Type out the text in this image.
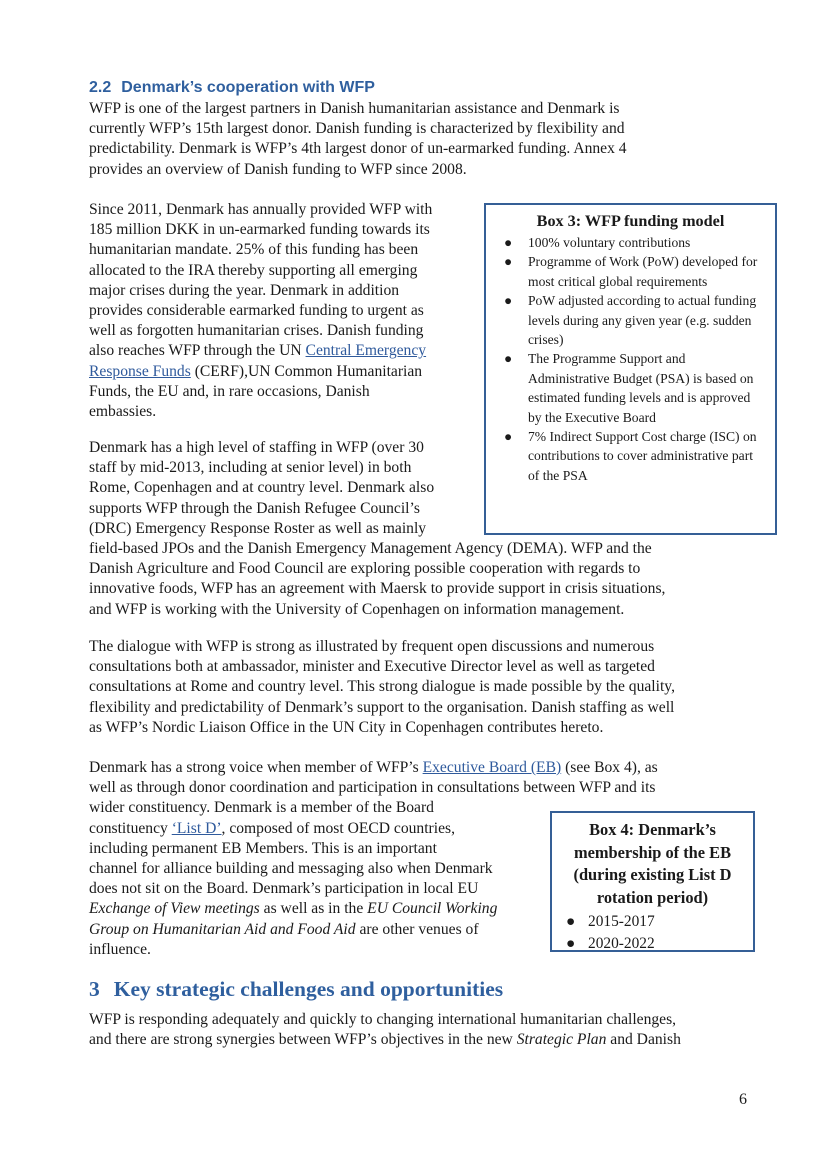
2.2 Denmark’s cooperation with WFP
WFP is one of the largest partners in Danish humanitarian assistance and Denmark is
currently WFP’s 15th largest donor. Danish funding is characterized by flexibility and
predictability. Denmark is WFP’s 4th largest donor of un-earmarked funding. Annex 4
provides an overview of Danish funding to WFP since 2008.
Since 2011, Denmark has annually provided WFP with
185 million DKK in un-earmarked funding towards its
humanitarian mandate. 25% of this funding has been
allocated to the IRA thereby supporting all emerging
major crises during the year. Denmark in addition
provides considerable earmarked funding to urgent as
well as forgotten humanitarian crises. Danish funding
also reaches WFP through the UN Central Emergency
Response Funds (CERF),UN Common Humanitarian
Funds, the EU and, in rare occasions, Danish
embassies.
Denmark has a high level of staffing in WFP (over 30
staff by mid-2013, including at senior level) in both
Rome, Copenhagen and at country level. Denmark also
supports WFP through the Danish Refugee Council’s
(DRC) Emergency Response Roster as well as mainly
field-based JPOs and the Danish Emergency Management Agency (DEMA). WFP and the
Danish Agriculture and Food Council are exploring possible cooperation with regards to
innovative foods, WFP has an agreement with Maersk to provide support in crisis situations,
and WFP is working with the University of Copenhagen on information management.
The dialogue with WFP is strong as illustrated by frequent open discussions and numerous
consultations both at ambassador, minister and Executive Director level as well as targeted
consultations at Rome and country level. This strong dialogue is made possible by the quality,
flexibility and predictability of Denmark’s support to the organisation. Danish staffing as well
as WFP’s Nordic Liaison Office in the UN City in Copenhagen contributes hereto.
Denmark has a strong voice when member of WFP’s Executive Board (EB) (see Box 4), as
well as through donor coordination and participation in consultations between WFP and its
wider constituency. Denmark is a member of the Board
constituency ‘List D’, composed of most OECD countries,
including permanent EB Members. This is an important
channel for alliance building and messaging also when Denmark
does not sit on the Board. Denmark’s participation in local EU
Exchange of View meetings as well as in the EU Council Working
Group on Humanitarian Aid and Food Aid are other venues of
influence.
Box 3: WFP funding model
● 100% voluntary contributions
● Programme of Work (PoW) developed for most critical global requirements
● PoW adjusted according to actual funding levels during any given year (e.g. sudden crises)
● The Programme Support and Administrative Budget (PSA) is based on estimated funding levels and is approved by the Executive Board
● 7% Indirect Support Cost charge (ISC) on contributions to cover administrative part of the PSA
Box 4: Denmark’s membership of the EB (during existing List D rotation period)
● 2015-2017
● 2020-2022
3 Key strategic challenges and opportunities
WFP is responding adequately and quickly to changing international humanitarian challenges,
and there are strong synergies between WFP’s objectives in the new Strategic Plan and Danish
6
